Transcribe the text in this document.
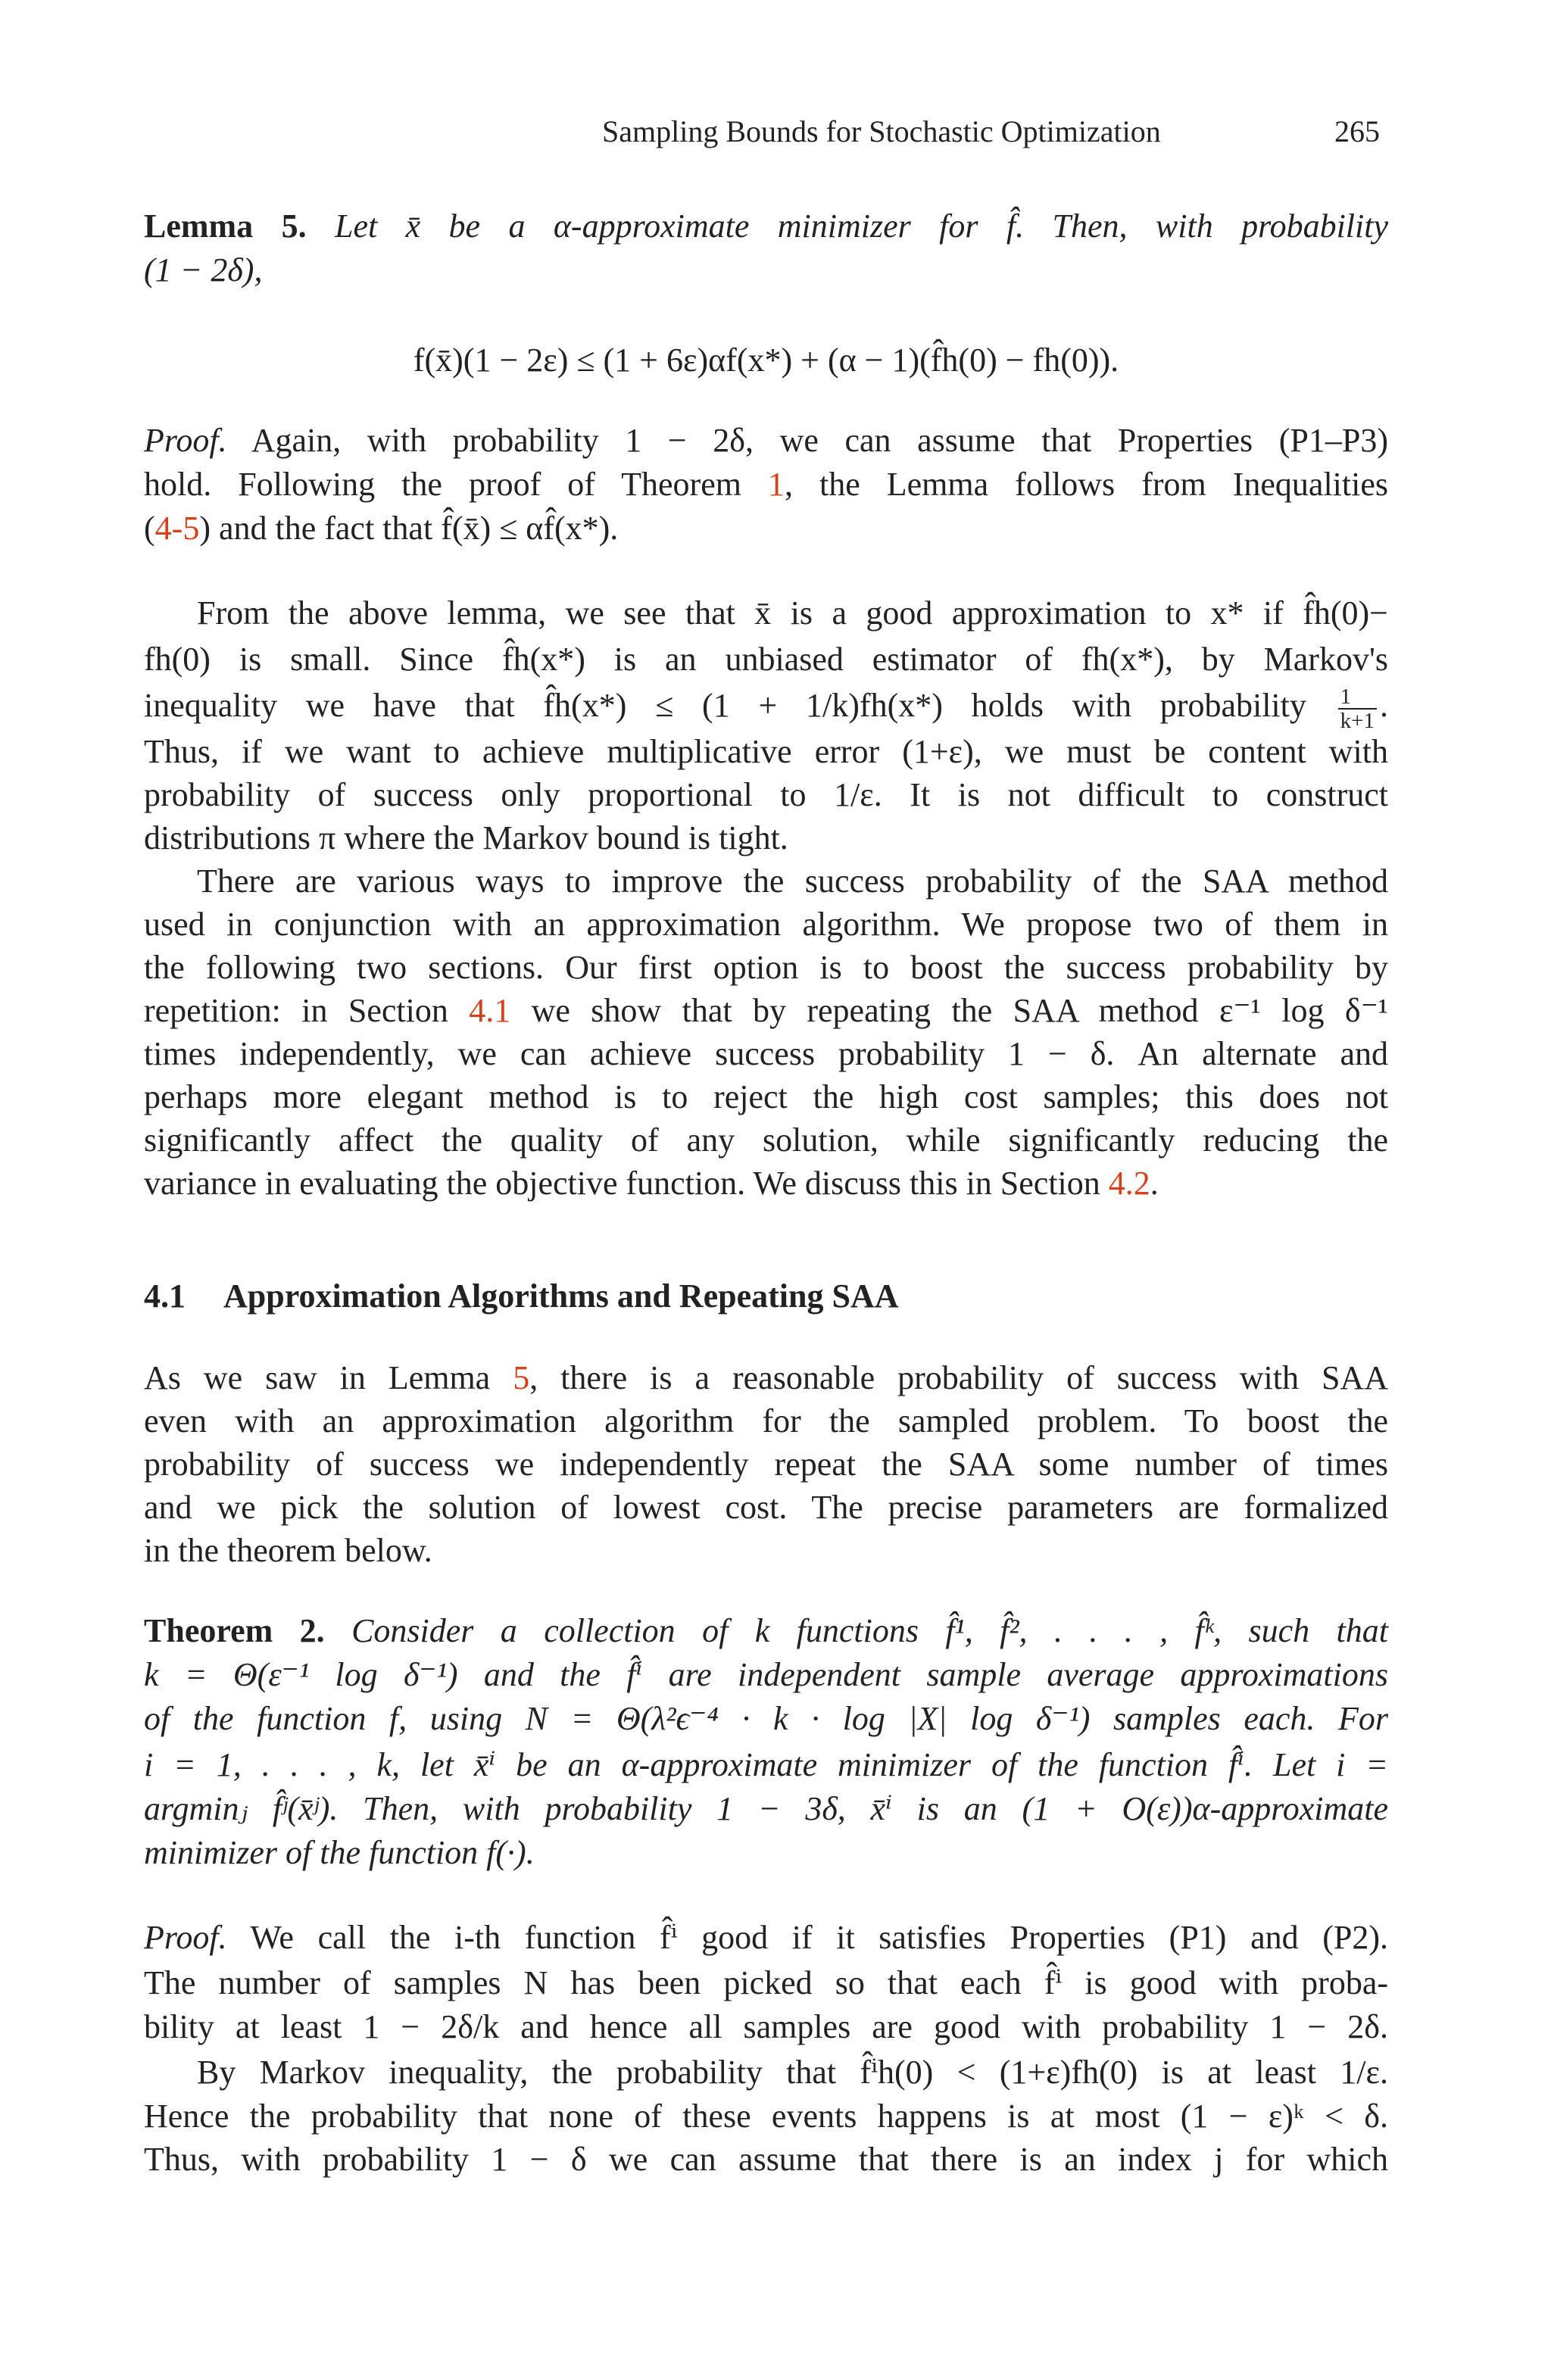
Sampling Bounds for Stochastic Optimization	265
Lemma 5. Let x̄ be a α-approximate minimizer for f̂. Then, with probability
(1 − 2δ),
f(x̄)(1 − 2ε) ≤ (1 + 6ε)αf(x*) + (α − 1)(f̂h(0) − fh(0)).
Proof. Again, with probability 1 − 2δ, we can assume that Properties (P1–P3)
hold. Following the proof of Theorem 1, the Lemma follows from Inequalities
(4-5) and the fact that f̂(x̄) ≤ αf̂(x*).
From the above lemma, we see that x̄ is a good approximation to x* if f̂h(0)−
fh(0) is small. Since f̂h(x*) is an unbiased estimator of fh(x*), by Markov's
inequality we have that f̂h(x*) ≤ (1 + 1/k)fh(x*) holds with probability $\frac{1}{k+1}$ .
Thus, if we want to achieve multiplicative error (1+ε), we must be content with
probability of success only proportional to 1/ε. It is not difficult to construct
distributions π where the Markov bound is tight.
There are various ways to improve the success probability of the SAA method
used in conjunction with an approximation algorithm. We propose two of them in
the following two sections. Our first option is to boost the success probability by
repetition: in Section 4.1 we show that by repeating the SAA method ε⁻¹ log δ⁻¹
times independently, we can achieve success probability 1 − δ. An alternate and
perhaps more elegant method is to reject the high cost samples; this does not
significantly affect the quality of any solution, while significantly reducing the
variance in evaluating the objective function. We discuss this in Section 4.2.
4.1 Approximation Algorithms and Repeating SAA
As we saw in Lemma 5, there is a reasonable probability of success with SAA
even with an approximation algorithm for the sampled problem. To boost the
probability of success we independently repeat the SAA some number of times
and we pick the solution of lowest cost. The precise parameters are formalized
in the theorem below.
Theorem 2. Consider a collection of k functions f̂¹, f̂², . . . , f̂ᵏ, such that
k = Θ(ε⁻¹ log δ⁻¹) and the f̂ⁱ are independent sample average approximations
of the function f, using N = Θ(λ²ϵ⁻⁴ · k · log |X| log δ⁻¹) samples each. For
i = 1, . . . , k, let x̄ⁱ be an α-approximate minimizer of the function f̂ⁱ. Let i =
argminⱼ f̂ʲ(x̄ʲ). Then, with probability 1 − 3δ, x̄ⁱ is an (1 + O(ε))α-approximate
minimizer of the function f(·).
Proof. We call the i-th function f̂ⁱ good if it satisfies Properties (P1) and (P2).
The number of samples N has been picked so that each f̂ⁱ is good with proba-
bility at least 1 − 2δ/k and hence all samples are good with probability 1 − 2δ.
By Markov inequality, the probability that f̂ⁱh(0) < (1+ε)fh(0) is at least 1/ε.
Hence the probability that none of these events happens is at most (1 − ε)ᵏ < δ.
Thus, with probability 1 − δ we can assume that there is an index j for which
